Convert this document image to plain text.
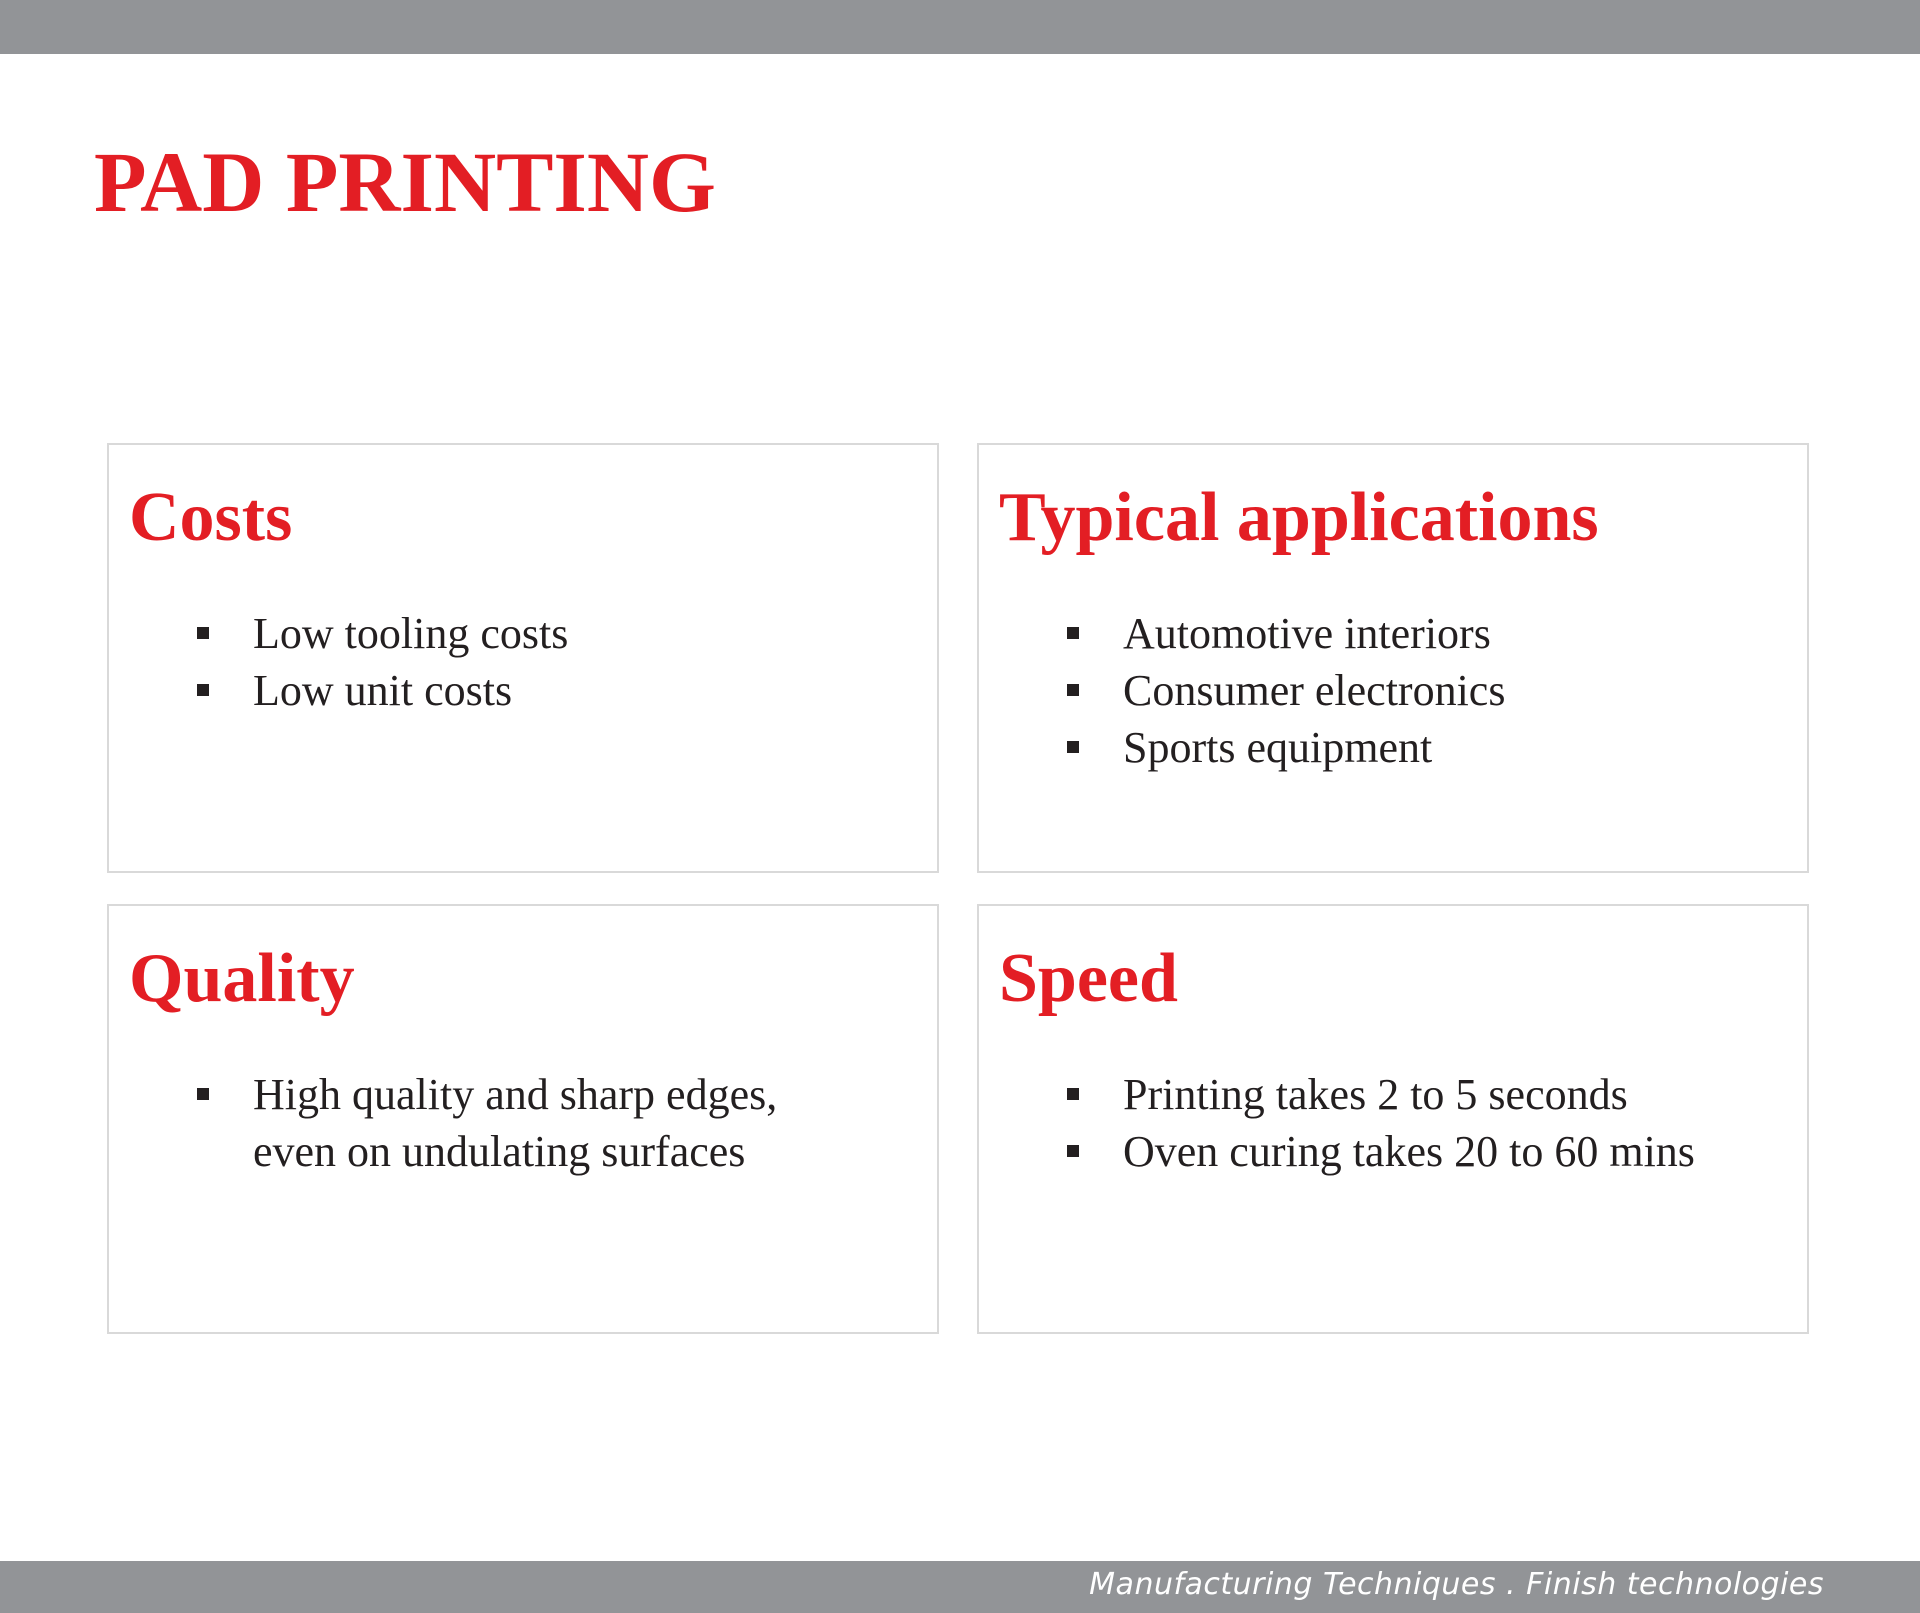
PAD PRINTING
Costs
Low tooling costs
Low unit costs
Typical applications
Automotive interiors
Consumer electronics
Sports equipment
Quality
High quality and sharp edges,
even on undulating surfaces
Speed
Printing takes 2 to 5 seconds
Oven curing takes 20 to 60 mins
Manufacturing Techniques . Finish technologies
